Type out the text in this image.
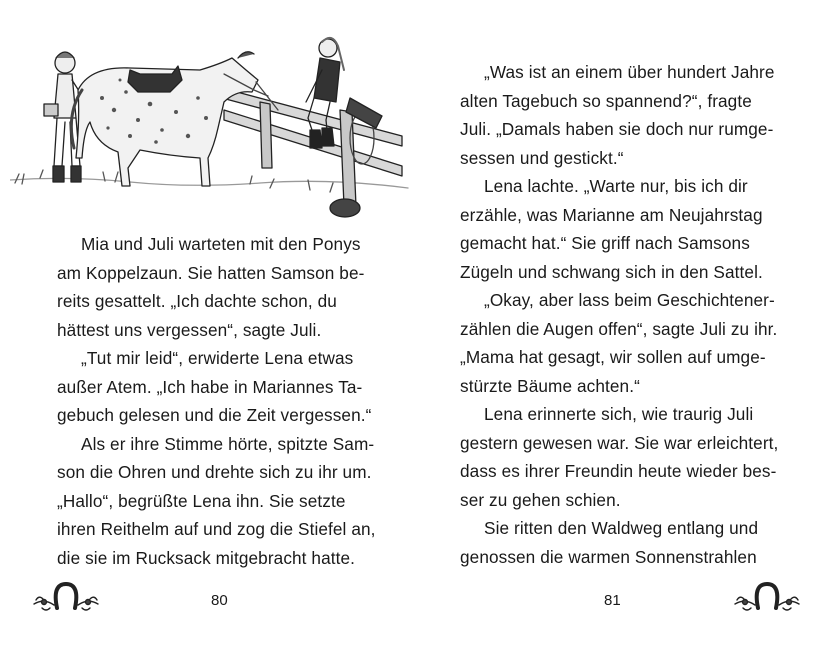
Mia und Juli warteten mit den Ponys

am Koppelzaun. Sie hatten Samson be-

reits gesattelt. „Ich dachte schon, du

hättest uns vergessen“, sagte Juli.

„Tut mir leid“, erwiderte Lena etwas

außer Atem. „Ich habe in Mariannes Ta-

gebuch gelesen und die Zeit vergessen.“

Als er ihre Stimme hörte, spitzte Sam-

son die Ohren und drehte sich zu ihr um.

„Hallo“, begrüßte Lena ihn. Sie setzte

ihren Reithelm auf und zog die Stiefel an,

die sie im Rucksack mitgebracht hatte.

80

„Was ist an einem über hundert Jahre

alten Tagebuch so spannend?“, fragte

Juli. „Damals haben sie doch nur rumge-

sessen und gestickt.“

Lena lachte. „Warte nur, bis ich dir

erzähle, was Marianne am Neujahrstag

gemacht hat.“ Sie griff nach Samsons

Zügeln und schwang sich in den Sattel.

„Okay, aber lass beim Geschichtener-

zählen die Augen offen“, sagte Juli zu ihr.

„Mama hat gesagt, wir sollen auf umge-

stürzte Bäume achten.“

Lena erinnerte sich, wie traurig Juli

gestern gewesen war. Sie war erleichtert,

dass es ihrer Freundin heute wieder bes-

ser zu gehen schien.

Sie ritten den Waldweg entlang und

genossen die warmen Sonnenstrahlen

81
